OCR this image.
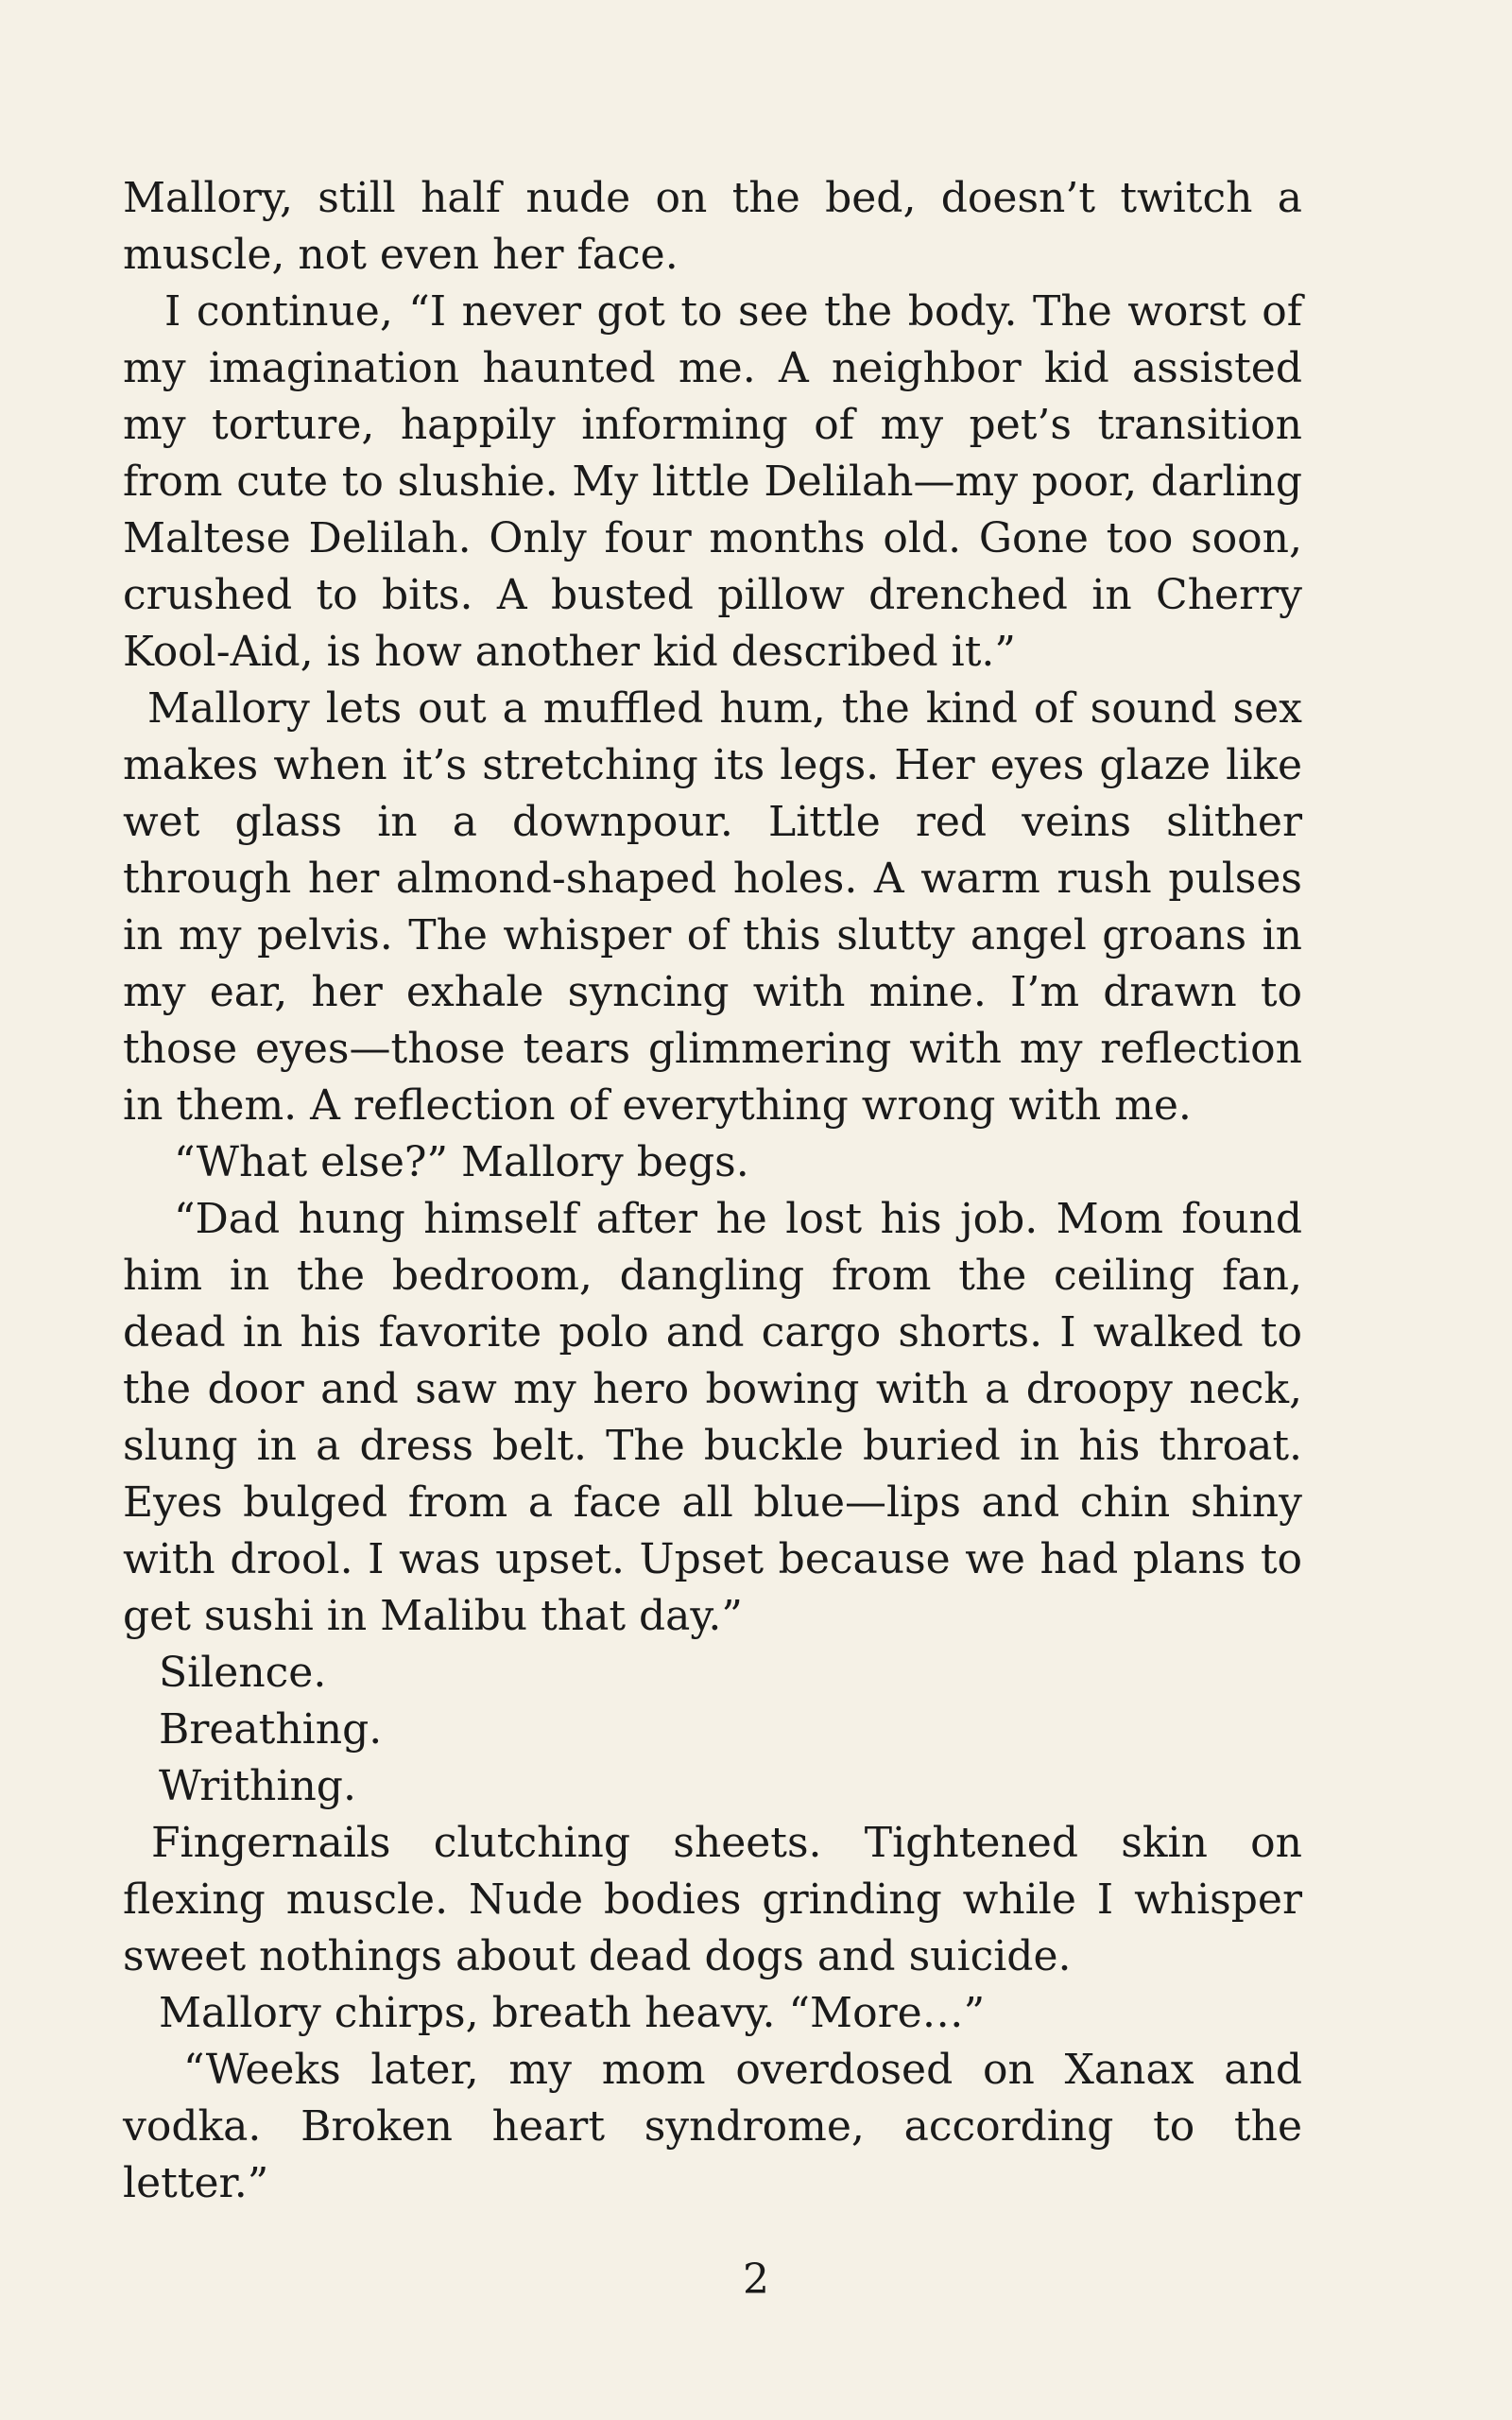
Mallory, still half nude on the bed, doesn’t twitch a muscle, not even her face.

I continue, “I never got to see the body. The worst of my imagination haunted me. A neighbor kid assisted my torture, happily informing of my pet’s transition from cute to slushie. My little Delilah—my poor, darling Maltese Delilah. Only four months old. Gone too soon, crushed to bits. A busted pillow drenched in Cherry Kool-Aid, is how another kid described it.”

Mallory lets out a muffled hum, the kind of sound sex makes when it’s stretching its legs. Her eyes glaze like wet glass in a downpour. Little red veins slither through her almond-shaped holes. A warm rush pulses in my pelvis. The whisper of this slutty angel groans in my ear, her exhale syncing with mine. I’m drawn to those eyes—those tears glimmering with my reflection in them. A reflection of everything wrong with me.

“What else?” Mallory begs.

“Dad hung himself after he lost his job. Mom found him in the bedroom, dangling from the ceiling fan, dead in his favorite polo and cargo shorts. I walked to the door and saw my hero bowing with a droopy neck, slung in a dress belt. The buckle buried in his throat. Eyes bulged from a face all blue—lips and chin shiny with drool. I was upset. Upset because we had plans to get sushi in Malibu that day.”

Silence.

Breathing.

Writhing.

Fingernails clutching sheets. Tightened skin on flexing muscle. Nude bodies grinding while I whisper sweet nothings about dead dogs and suicide.

Mallory chirps, breath heavy. “More…”

“Weeks later, my mom overdosed on Xanax and vodka. Broken heart syndrome, according to the letter.”

2
